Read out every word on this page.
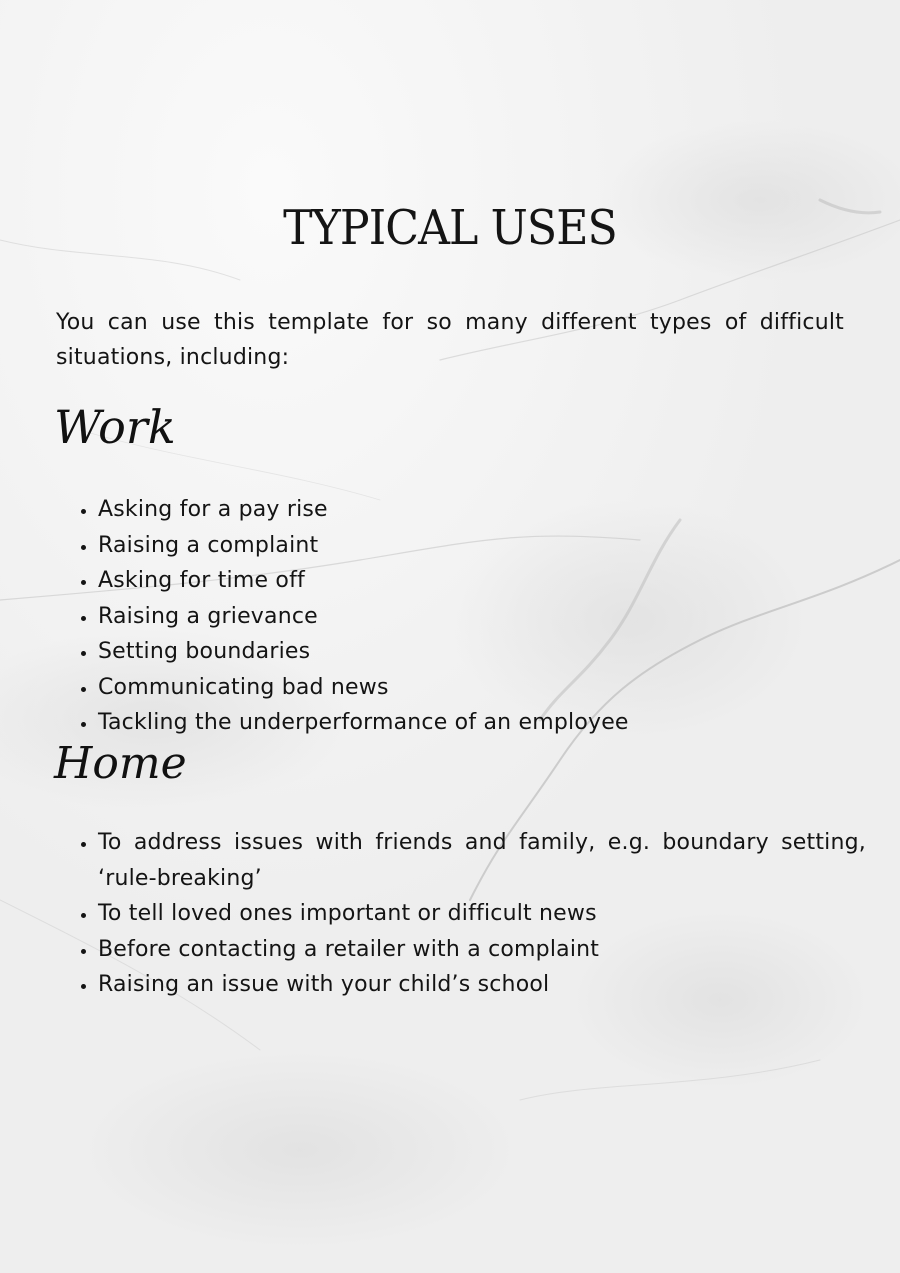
TYPICAL USES

You can use this template for so many different types of difficult situations, including:

Work
• Asking for a pay rise
• Raising a complaint
• Asking for time off
• Raising a grievance
• Setting boundaries
• Communicating bad news
• Tackling the underperformance of an employee
Home
• To address issues with friends and family, e.g. boundary setting, ‘rule-breaking’
• To tell loved ones important or difficult news
• Before contacting a retailer with a complaint
• Raising an issue with your child’s school
